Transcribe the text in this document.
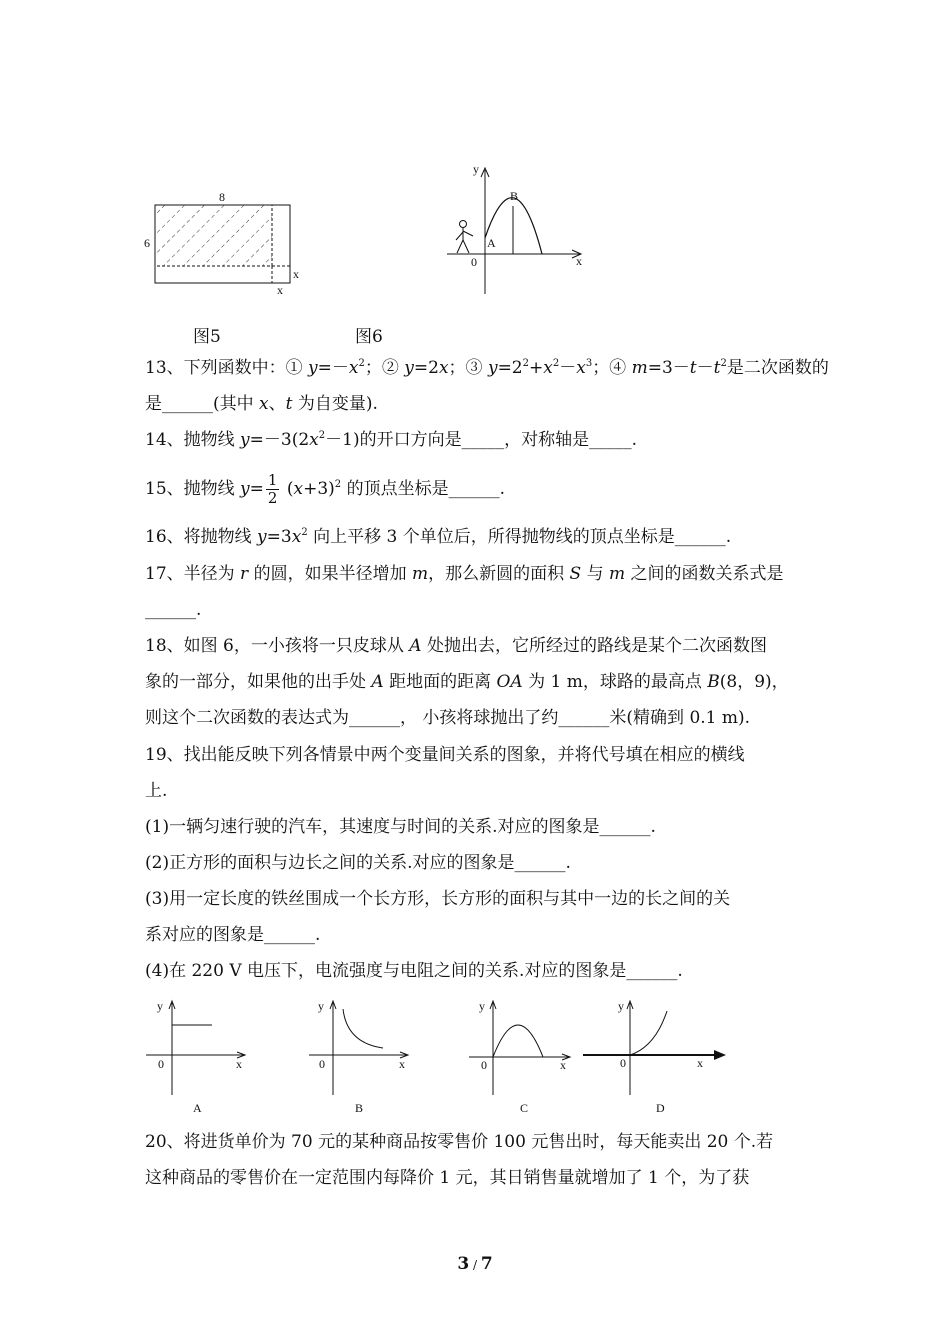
8
6
x
x
y
x
0
A
B
图5	图6
13、下列函数中：① $y=-x^2$；② y=2x；③ $y=2^2+x^2-x^3$；④ $m=3-t-t^2$是二次函数的
是______(其中 x、t 为自变量).
14、抛物线 $y=-3(2x^2-1)$的开口方向是_____，对称轴是_____.
15、抛物线 $y= \frac{1}{2} (x+3)^2$ 的顶点坐标是______.
16、将抛物线 $y=3x^2$ 向上平移 3 个单位后，所得抛物线的顶点坐标是______.
17、半径为 r 的圆，如果半径增加 m，那么新圆的面积 S 与 m 之间的函数关系式是
______.
18、如图 6，一小孩将一只皮球从 A 处抛出去，它所经过的路线是某个二次函数图
象的一部分，如果他的出手处 A 距地面的距离 OA 为 1 m，球路的最高点 B(8，9)，
则这个二次函数的表达式为______， 小孩将球抛出了约______米(精确到 0.1 m).
19、找出能反映下列各情景中两个变量间关系的图象，并将代号填在相应的横线
上.
(1)一辆匀速行驶的汽车，其速度与时间的关系.对应的图象是______.
(2)正方形的面积与边长之间的关系.对应的图象是______.
(3)用一定长度的铁丝围成一个长方形，长方形的面积与其中一边的长之间的关
系对应的图象是______.
(4)在 220 V 电压下，电流强度与电阻之间的关系.对应的图象是______.
y
x
0
A
y
x
0
B
y
x
0
C
y
x
0
D
20、将进货单价为 70 元的某种商品按零售价 100 元售出时，每天能卖出 20 个.若
这种商品的零售价在一定范围内每降价 1 元，其日销售量就增加了 1 个，为了获
3 / 7
